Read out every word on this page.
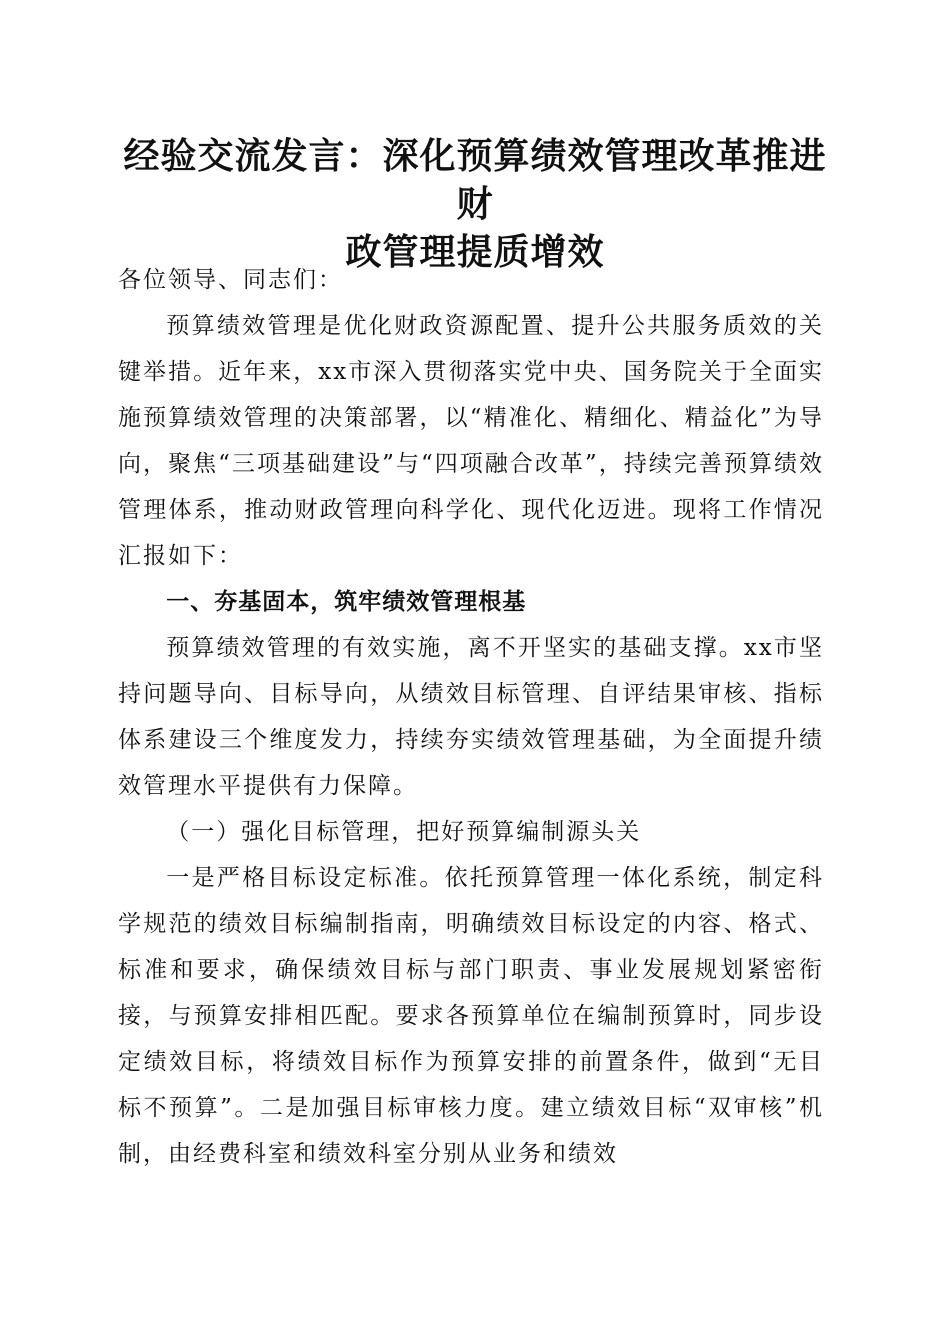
经验交流发言：深化预算绩效管理改革推进财
政管理提质增效

各位领导、同志们：

预算绩效管理是优化财政资源配置、提升公共服务质效的关键举措。近年来，xx市深入贯彻落实党中央、国务院关于全面实施预算绩效管理的决策部署，以“精准化、精细化、精益化”为导向，聚焦“三项基础建设”与“四项融合改革”，持续完善预算绩效管理体系，推动财政管理向科学化、现代化迈进。现将工作情况汇报如下：

一、夯基固本，筑牢绩效管理根基

预算绩效管理的有效实施，离不开坚实的基础支撑。xx市坚持问题导向、目标导向，从绩效目标管理、自评结果审核、指标体系建设三个维度发力，持续夯实绩效管理基础，为全面提升绩效管理水平提供有力保障。

（一）强化目标管理，把好预算编制源头关

一是严格目标设定标准。依托预算管理一体化系统，制定科学规范的绩效目标编制指南，明确绩效目标设定的内容、格式、标准和要求，确保绩效目标与部门职责、事业发展规划紧密衔接，与预算安排相匹配。要求各预算单位在编制预算时，同步设定绩效目标，将绩效目标作为预算安排的前置条件，做到“无目标不预算”。二是加强目标审核力度。建立绩效目标“双审核”机制，由经费科室和绩效科室分别从业务和绩效
